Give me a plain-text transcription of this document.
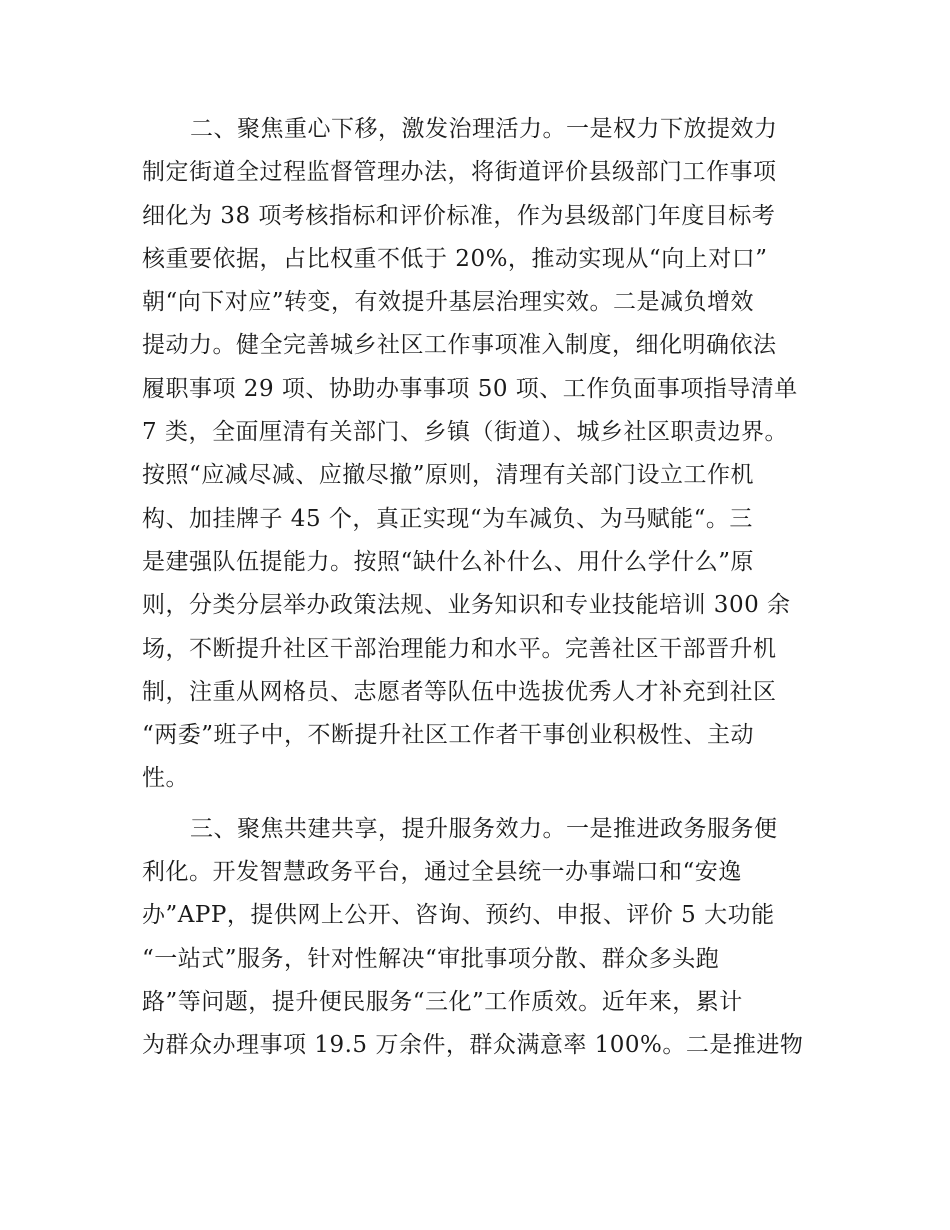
二、聚焦重心下移，激发治理活力。一是权力下放提效力
制定街道全过程监督管理办法，将街道评价县级部门工作事项
细化为 38 项考核指标和评价标准，作为县级部门年度目标考
核重要依据，占比权重不低于 20%，推动实现从“向上对口”
朝“向下对应”转变，有效提升基层治理实效。二是减负增效
提动力。健全完善城乡社区工作事项准入制度，细化明确依法
履职事项 29 项、协助办事事项 50 项、工作负面事项指导清单
7 类，全面厘清有关部门、乡镇（街道）、城乡社区职责边界。
按照“应减尽减、应撤尽撤”原则，清理有关部门设立工作机
构、加挂牌子 45 个，真正实现“为车减负、为马赋能“。三
是建强队伍提能力。按照“缺什么补什么、用什么学什么”原
则，分类分层举办政策法规、业务知识和专业技能培训 300 余
场，不断提升社区干部治理能力和水平。完善社区干部晋升机
制，注重从网格员、志愿者等队伍中选拔优秀人才补充到社区
“两委”班子中，不断提升社区工作者干事创业积极性、主动
性。
三、聚焦共建共享，提升服务效力。一是推进政务服务便
利化。开发智慧政务平台，通过全县统一办事端口和“安逸
办”APP，提供网上公开、咨询、预约、申报、评价 5 大功能
“一站式”服务，针对性解决“审批事项分散、群众多头跑
路”等问题，提升便民服务“三化”工作质效。近年来，累计
为群众办理事项 19.5 万余件，群众满意率 100%。二是推进物
